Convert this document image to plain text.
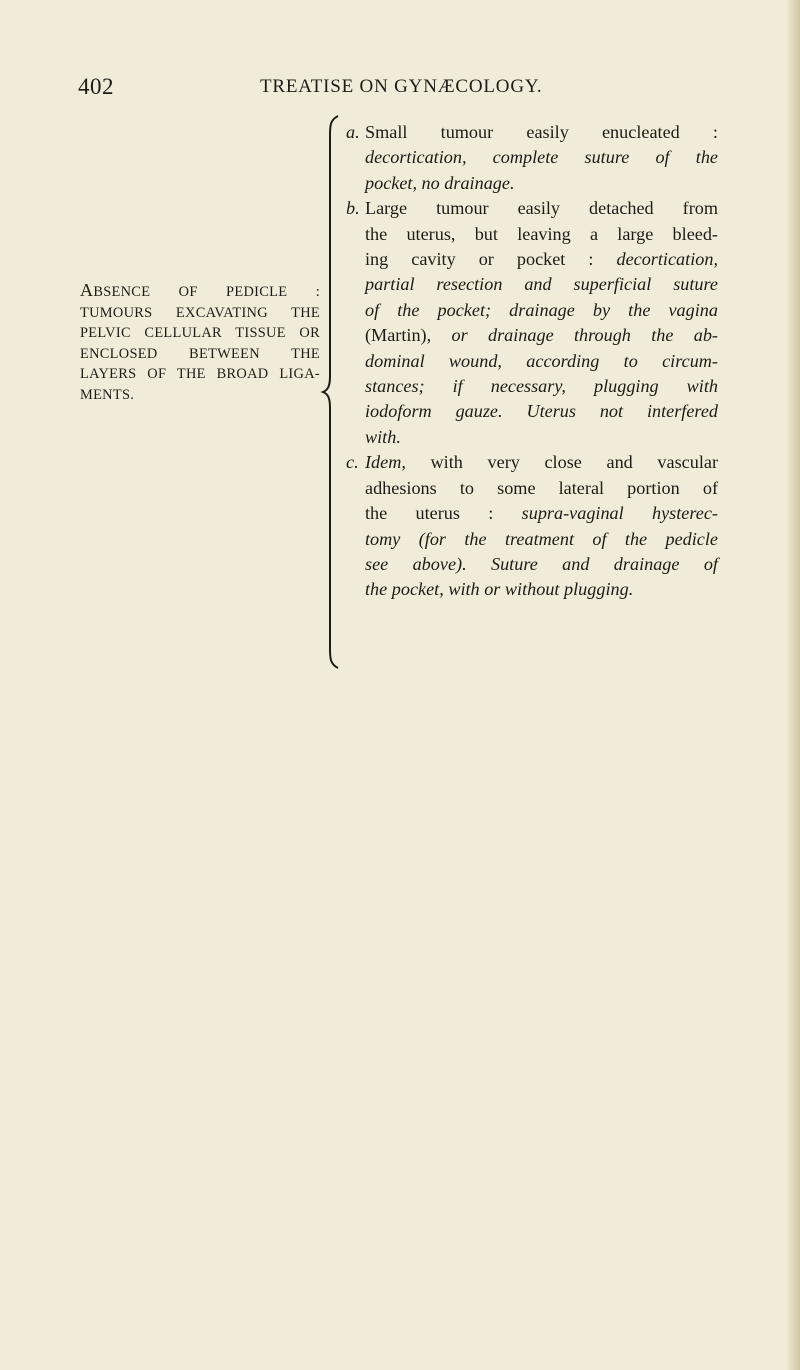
402	TREATISE ON GYNÆCOLOGY.
ABSENCE OF PEDICLE :
TUMOURS EXCAVATING THE
PELVIC CELLULAR TISSUE OR
ENCLOSED BETWEEN THE
LAYERS OF THE BROAD LIGA-
MENTS.
a. Small tumour easily enucleated :
decortication, complete suture of the
pocket, no drainage.
b. Large tumour easily detached from
the uterus, but leaving a large bleed-
ing cavity or pocket : decortication,
partial resection and superficial suture
of the pocket; drainage by the vagina
(Martin), or drainage through the ab-
dominal wound, according to circum-
stances; if necessary, plugging with
iodoform gauze. Uterus not interfered
with.
c. Idem, with very close and vascular
adhesions to some lateral portion of
the uterus : supra-vaginal hysterec-
tomy (for the treatment of the pedicle
see above). Suture and drainage of
the pocket, with or without plugging.
